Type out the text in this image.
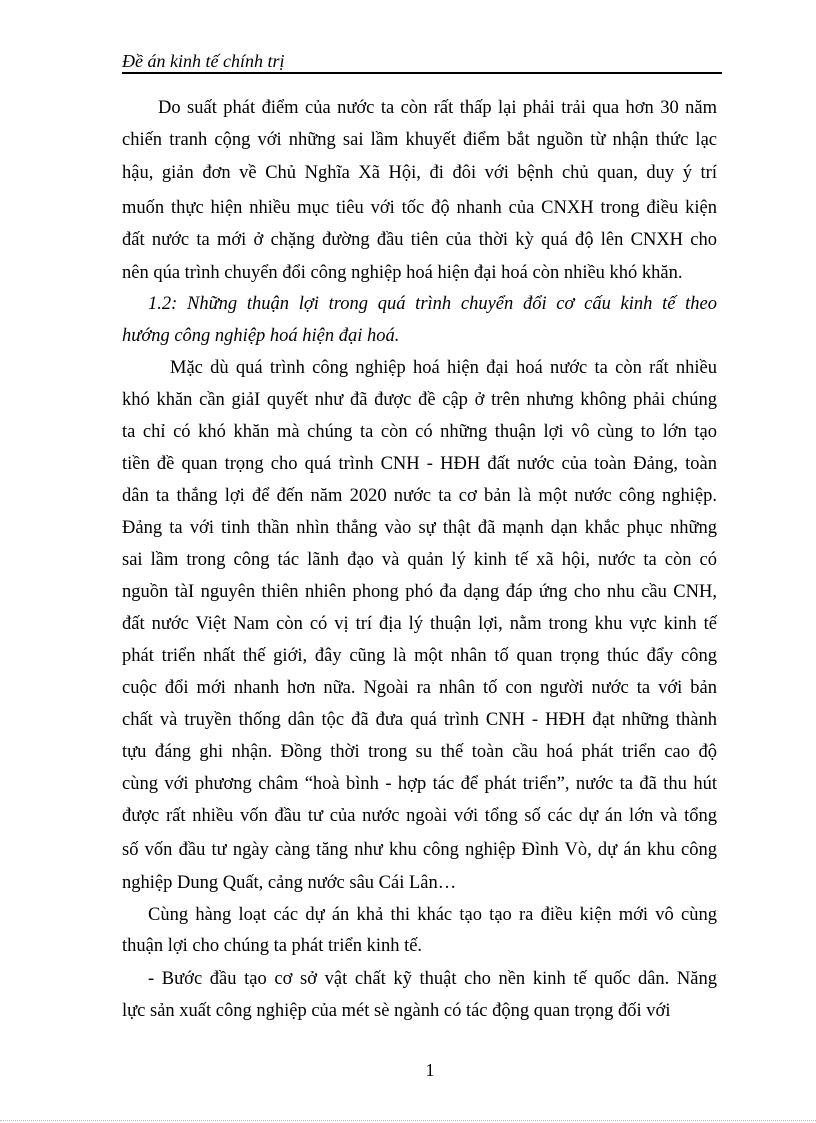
Đề án kinh tế chính trị
Do suất phát điểm của nước ta còn rất thấp lại phải trải qua hơn 30 năm
chiến tranh cộng với những sai lầm khuyết điểm bắt nguồn từ nhận thức lạc
hậu, giản đơn về Chủ Nghĩa Xã Hội, đi đôi với bệnh chủ quan, duy ý trí
muốn thực hiện nhiều mục tiêu với tốc độ nhanh của CNXH trong điều kiện
đất nước ta mới ở chặng đường đầu tiên của thời kỳ quá độ lên CNXH cho
nên qúa trình chuyển đổi công nghiệp hoá hiện đại hoá còn nhiều khó khăn.
1.2: Những thuận lợi trong quá trình chuyển đổi cơ cấu kinh tế theo
hướng công nghiệp hoá hiện đại hoá.
Mặc dù quá trình công nghiệp hoá hiện đại hoá nước ta còn rất nhiều
khó khăn cần giảI quyết như đã được đề cập ở trên nhưng không phải chúng
ta chỉ có khó khăn mà chúng ta còn có những thuận lợi vô cùng to lớn tạo
tiền đề quan trọng cho quá trình CNH - HĐH đất nước của toàn Đảng, toàn
dân ta thắng lợi để đến năm 2020 nước ta cơ bản là một nước công nghiệp.
Đảng ta với tinh thần nhìn thẳng vào sự thật đã mạnh dạn khắc phục những
sai lầm trong công tác lãnh đạo và quản lý kinh tế xã hội, nước ta còn có
nguồn tàI nguyên thiên nhiên phong phó đa dạng đáp ứng cho nhu cầu CNH,
đất nước Việt Nam còn có vị trí địa lý thuận lợi, nằm trong khu vực kinh tế
phát triển nhất thế giới, đây cũng là một nhân tố quan trọng thúc đẩy công
cuộc đổi mới nhanh hơn nữa. Ngoài ra nhân tố con người nước ta với bản
chất và truyền thống dân tộc đã đưa quá trình CNH - HĐH đạt những thành
tựu đáng ghi nhận. Đồng thời trong su thế toàn cầu hoá phát triển cao độ
cùng với phương châm “hoà bình - hợp tác để phát triển”, nước ta đã thu hút
được rất nhiều vốn đầu tư của nước ngoài với tổng số các dự án lớn và tổng
số vốn đầu tư ngày càng tăng như khu công nghiệp Đình Vò, dự án khu công
nghiệp Dung Quất, cảng nước sâu Cái Lân…
Cùng hàng loạt các dự án khả thi khác tạo tạo ra điều kiện mới vô cùng
thuận lợi cho chúng ta phát triển kinh tế.
- Bước đầu tạo cơ sở vật chất kỹ thuật cho nền kinh tế quốc dân. Năng
lực sản xuất công nghiệp của mét sè ngành có tác động quan trọng đối với
1
